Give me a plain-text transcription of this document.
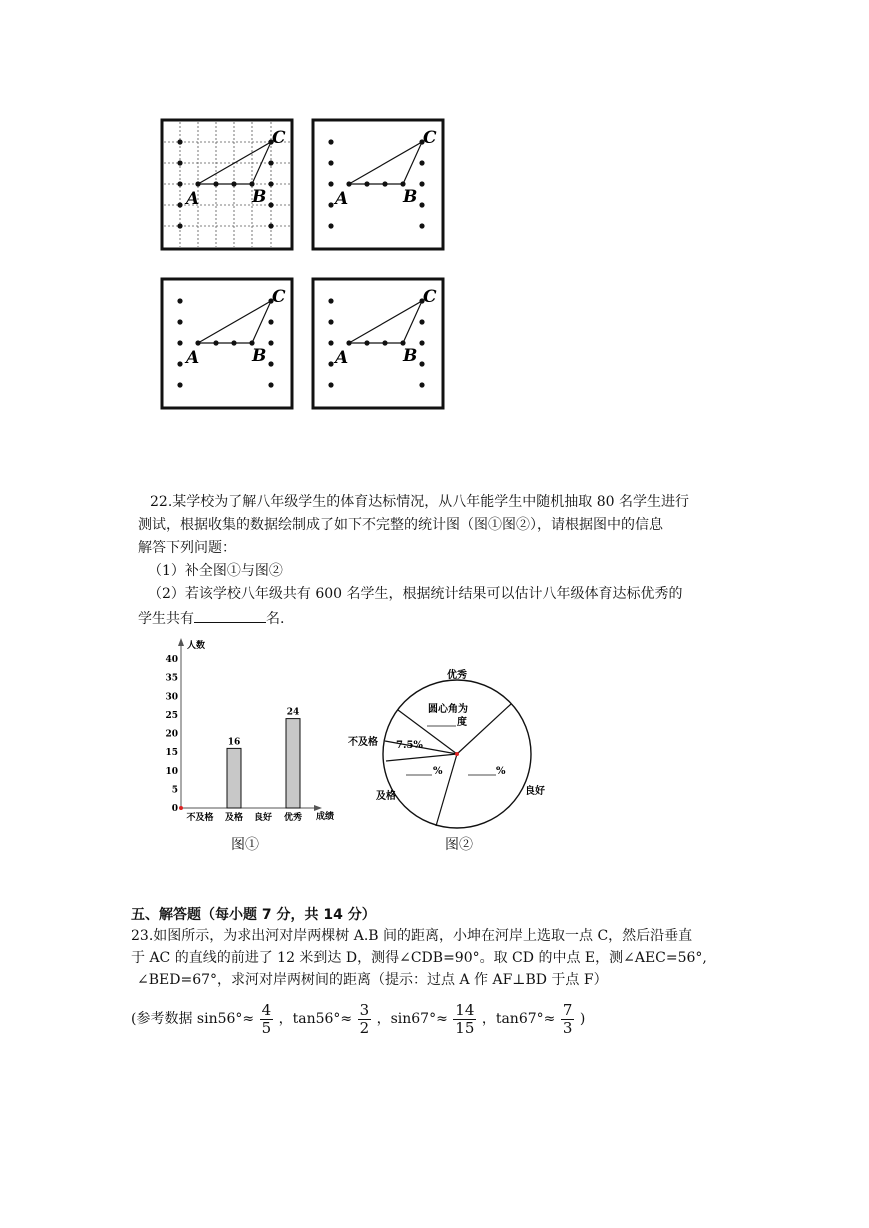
C
A	B
C
A	B
C
A	B
C
A	B
22.某学校为了解八年级学生的体育达标情况，从八年能学生中随机抽取 80 名学生进行
测试，根据收集的数据绘制成了如下不完整的统计图（图①图②），请根据图中的信息
解答下列问题：
（1）补全图①与图②
（2）若该学校八年级共有 600 名学生，根据统计结果可以估计八年级体育达标优秀的
学生共有	名.
人数
成绩
0
5
10
15
20
25
30
35
40
16
24
不及格 及格 良好 优秀
图①
优秀
不及格
及格	良好
圆心角为
度
7.5%
%	%
图②
五、解答题（每小题 7 分，共 14 分）
23.如图所示，为求出河对岸两棵树 A.B 间的距离，小坤在河岸上选取一点 C，然后沿垂直
于 AC 的直线的前进了 12 米到达 D，测得∠CDB=90°。取 CD 的中点 E，测∠AEC=56°,
∠BED=67°，求河对岸两树间的距离（提示：过点 A 作 AF⊥BD 于点 F）
(参考数据 $\sin 56^\circ\approx \frac{4}{5}$ ，$\tan 56^\circ\approx \frac{3}{2}$ ，$\sin 67^\circ\approx \frac{14}{15}$ ，$\tan 67^\circ\approx \frac{7}{3}$ )
